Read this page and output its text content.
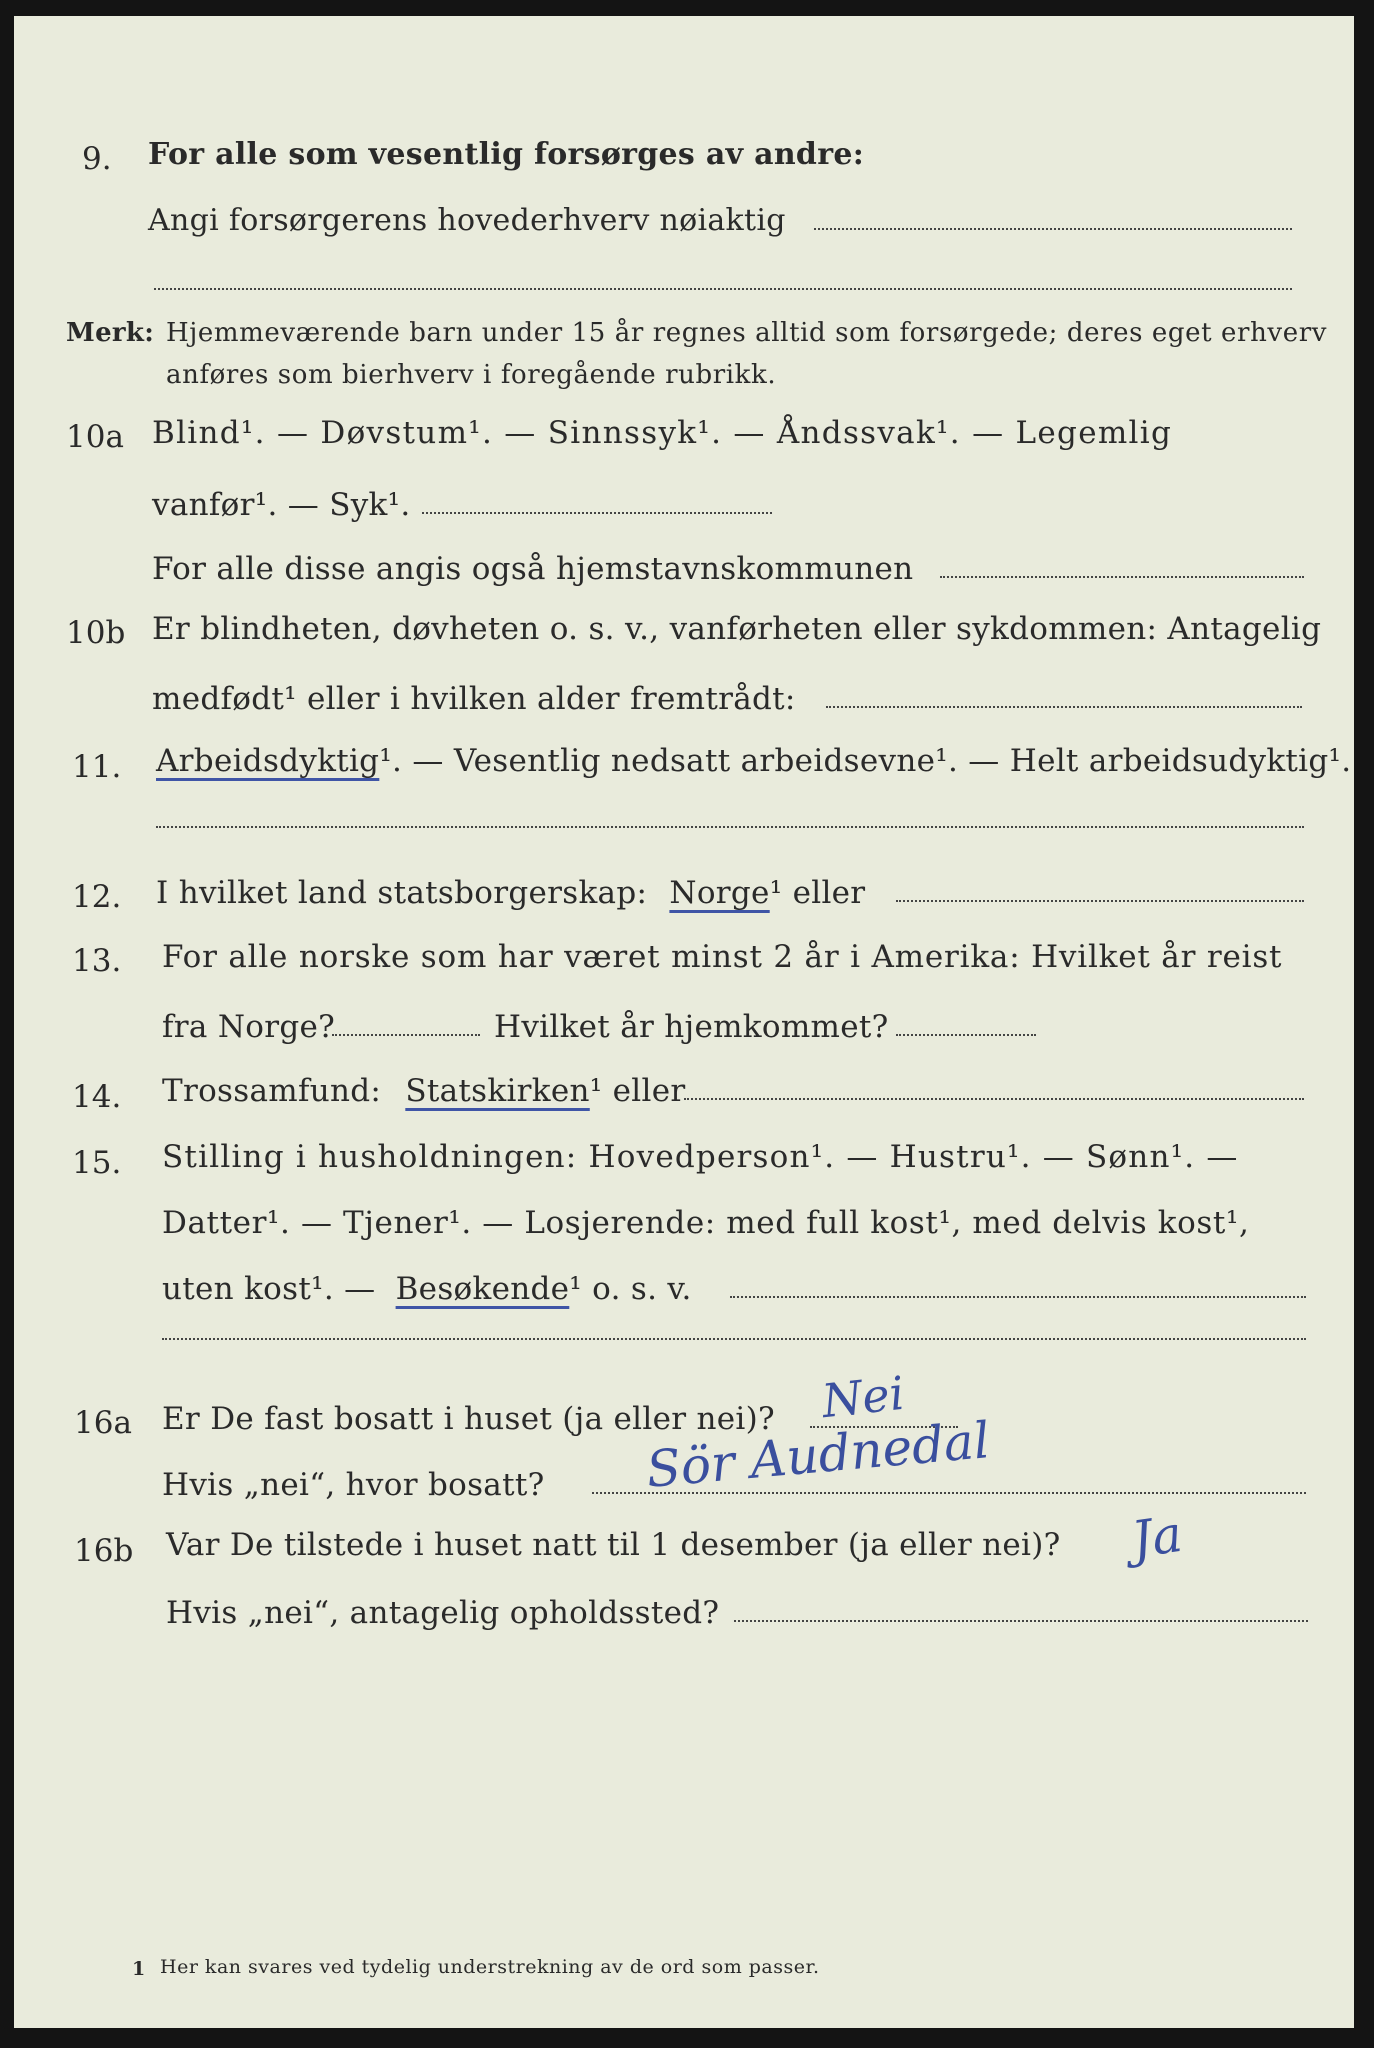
9. For alle som vesentlig forsørges av andre:
Angi forsørgerens hovederhverv nøiaktig
Merk: Hjemmeværende barn under 15 år regnes alltid som forsørgede; deres eget erhverv
anføres som bierhverv i foregående rubrikk.
10a Blind¹. — Døvstum¹. — Sinnssyk¹. — Åndssvak¹. — Legemlig
vanfør¹. — Syk¹.
For alle disse angis også hjemstavnskommunen
10b Er blindheten, døvheten o. s. v., vanførheten eller sykdommen: Antagelig
medfødt¹ eller i hvilken alder fremtrådt:
11. Arbeidsdyktig¹. — Vesentlig nedsatt arbeidsevne¹. — Helt arbeidsudyktig¹.
12. I hvilket land statsborgerskap: Norge¹ eller
13. For alle norske som har været minst 2 år i Amerika: Hvilket år reist
fra Norge?	Hvilket år hjemkommet?
14. Trossamfund: Statskirken¹ eller
15. Stilling i husholdningen: Hovedperson¹. — Hustru¹. — Sønn¹. —
Datter¹. — Tjener¹. — Losjerende: med full kost¹, med delvis kost¹,
uten kost¹. — Besøkende¹ o. s. v.
16a Er De fast bosatt i huset (ja eller nei)? Nei
Hvis „nei“, hvor bosatt? Sör Audnedal
16b Var De tilstede i huset natt til 1 desember (ja eller nei)? Ja
Hvis „nei“, antagelig opholdssted?
1 Her kan svares ved tydelig understrekning av de ord som passer.
